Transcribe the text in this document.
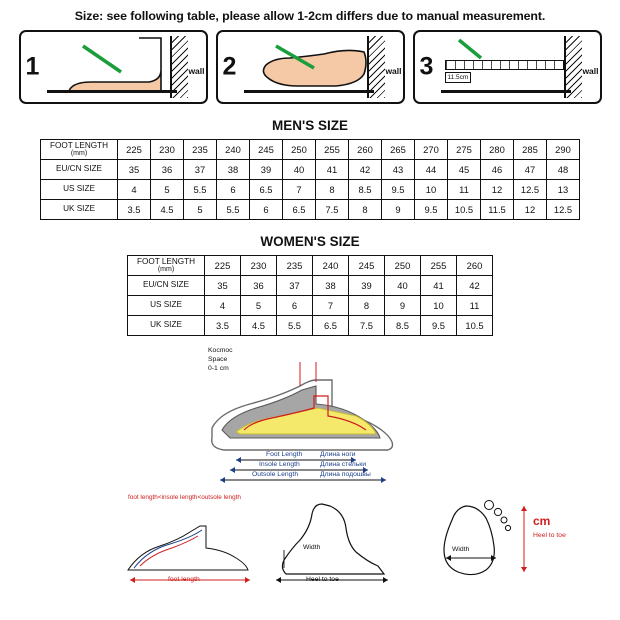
Size: see following table, please allow 1-2cm differs due to manual measurement.
1	wall 2	wall 3	wall
11.5cm
MEN'S SIZE
FOOT LENGTH
(mm)	225	230	235	240	245	250	255	260	265	270	275	280	285	290
EU/CN SIZE	35	36	37	38	39	40	41	42	43	44	45	46	47	48
US SIZE	4	5	5.5	6	6.5	7	8	8.5	9.5	10	11	12	12.5	13
UK SIZE	3.5	4.5	5	5.5	6	6.5	7.5	8	9	9.5	10.5	11.5	12	12.5
WOMEN'S SIZE
FOOT LENGTH
(mm)	225	230	235	240	245	250	255	260
EU/CN SIZE	35	36	37	38	39	40	41	42
US SIZE	4	5	6	7	8	9	10	11
UK SIZE	3.5	4.5	5.5	6.5	7.5	8.5	9.5	10.5
Kocmoc
Space
0-1 cm
Foot Length	Длина ноги
Insole Length	Длина стельки
Outsole Length	Длина подошвы
foot length<insole length<outsole length
foot length
Width
Heel to toe
Width
Heel to toe
cm
